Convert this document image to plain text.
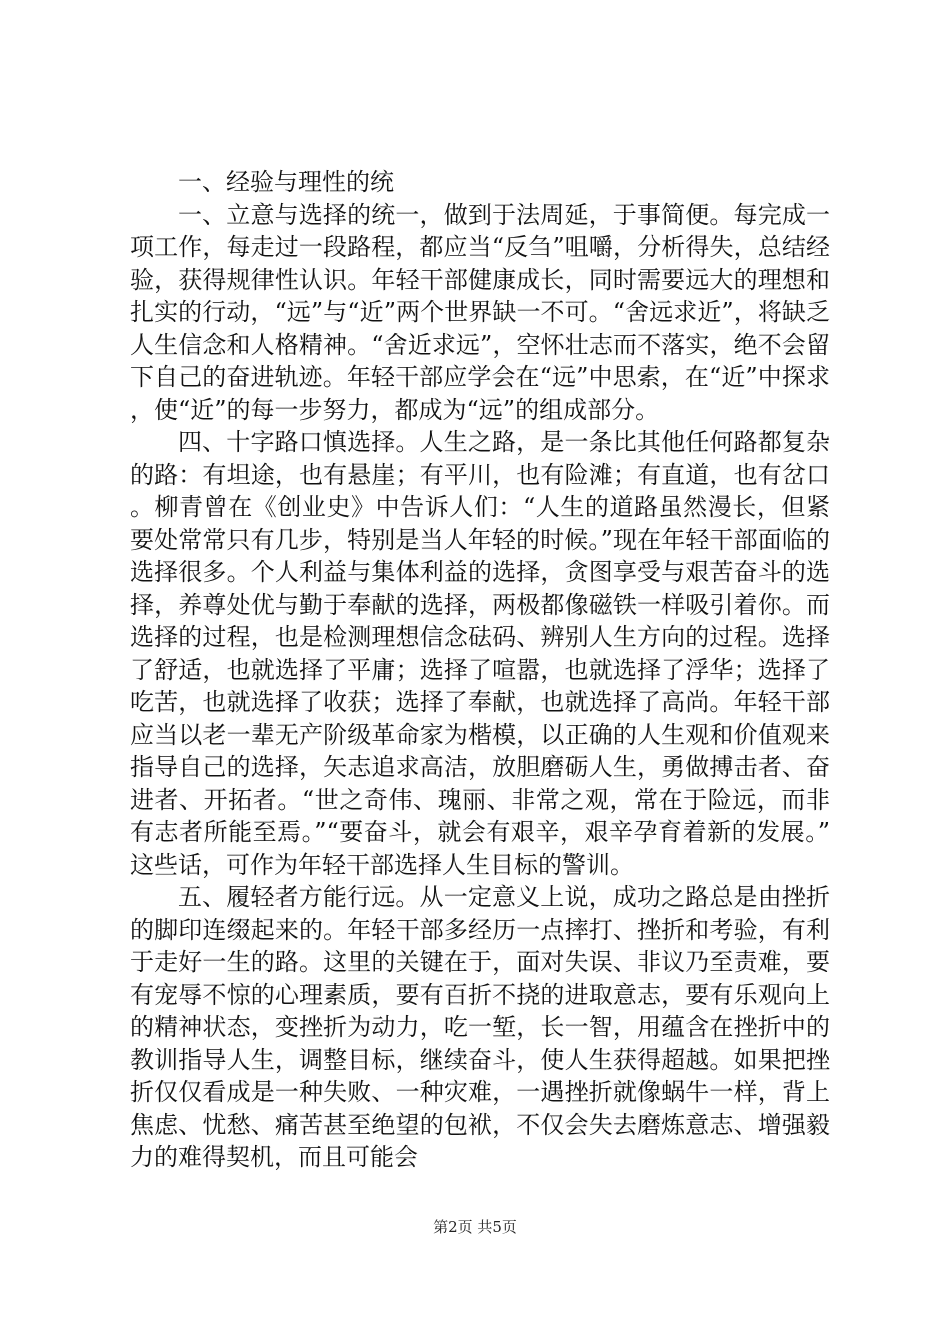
一、经验与理性的统

一、立意与选择的统一，做到于法周延，于事简便。每完成一项工作，每走过一段路程，都应当“反刍”咀嚼，分析得失，总结经验，获得规律性认识。年轻干部健康成长，同时需要远大的理想和扎实的行动，“远”与“近”两个世界缺一不可。“舍远求近”，将缺乏人生信念和人格精神。“舍近求远”，空怀壮志而不落实，绝不会留下自己的奋进轨迹。年轻干部应学会在“远”中思索，在“近”中探求，使“近”的每一步努力，都成为“远”的组成部分。

四、十字路口慎选择。人生之路，是一条比其他任何路都复杂的路：有坦途，也有悬崖；有平川，也有险滩；有直道，也有岔口。柳青曾在《创业史》中告诉人们：“人生的道路虽然漫长，但紧要处常常只有几步，特别是当人年轻的时候。”现在年轻干部面临的选择很多。个人利益与集体利益的选择，贪图享受与艰苦奋斗的选择，养尊处优与勤于奉献的选择，两极都像磁铁一样吸引着你。而选择的过程，也是检测理想信念砝码、辨别人生方向的过程。选择了舒适，也就选择了平庸；选择了喧嚣，也就选择了浮华；选择了吃苦，也就选择了收获；选择了奉献，也就选择了高尚。年轻干部应当以老一辈无产阶级革命家为楷模，以正确的人生观和价值观来指导自己的选择，矢志追求高洁，放胆磨砺人生，勇做搏击者、奋进者、开拓者。“世之奇伟、瑰丽、非常之观，常在于险远，而非有志者所能至焉。”“要奋斗，就会有艰辛，艰辛孕育着新的发展。”这些话，可作为年轻干部选择人生目标的警训。

五、履轻者方能行远。从一定意义上说，成功之路总是由挫折的脚印连缀起来的。年轻干部多经历一点摔打、挫折和考验，有利于走好一生的路。这里的关键在于，面对失误、非议乃至责难，要有宠辱不惊的心理素质，要有百折不挠的进取意志，要有乐观向上的精神状态，变挫折为动力，吃一堑，长一智，用蕴含在挫折中的教训指导人生，调整目标，继续奋斗，使人生获得超越。如果把挫折仅仅看成是一种失败、一种灾难，一遇挫折就像蜗牛一样，背上焦虑、忧愁、痛苦甚至绝望的包袱，不仅会失去磨炼意志、增强毅力的难得契机，而且可能会

第2页 共5页
